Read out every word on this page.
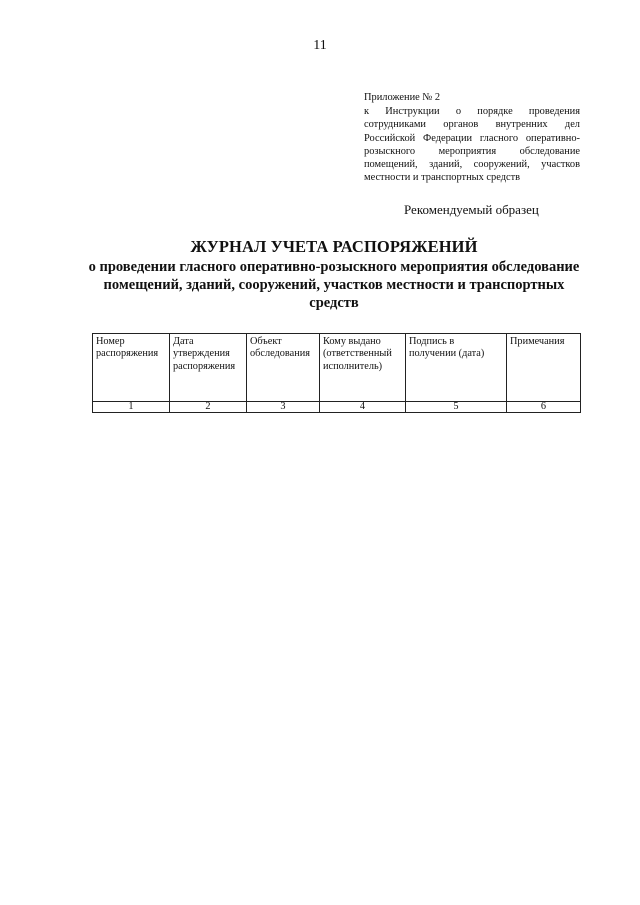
11
Приложение № 2
к Инструкции о порядке проведения сотрудниками органов внутренних дел Российской Федерации гласного оперативно-розыскного мероприятия обследование помещений, зданий, сооружений, участков местности и транспортных средств
Рекомендуемый образец
ЖУРНАЛ УЧЕТА РАСПОРЯЖЕНИЙ
о проведении гласного оперативно-розыскного мероприятия обследование помещений, зданий, сооружений, участков местности и транспортных средств
Номер распоряжения	Дата утверждения распоряжения	Объект обследования	Кому выдано (ответственный исполнитель)	Подпись в получении (дата)	Примечания
1	2	3	4	5	6
